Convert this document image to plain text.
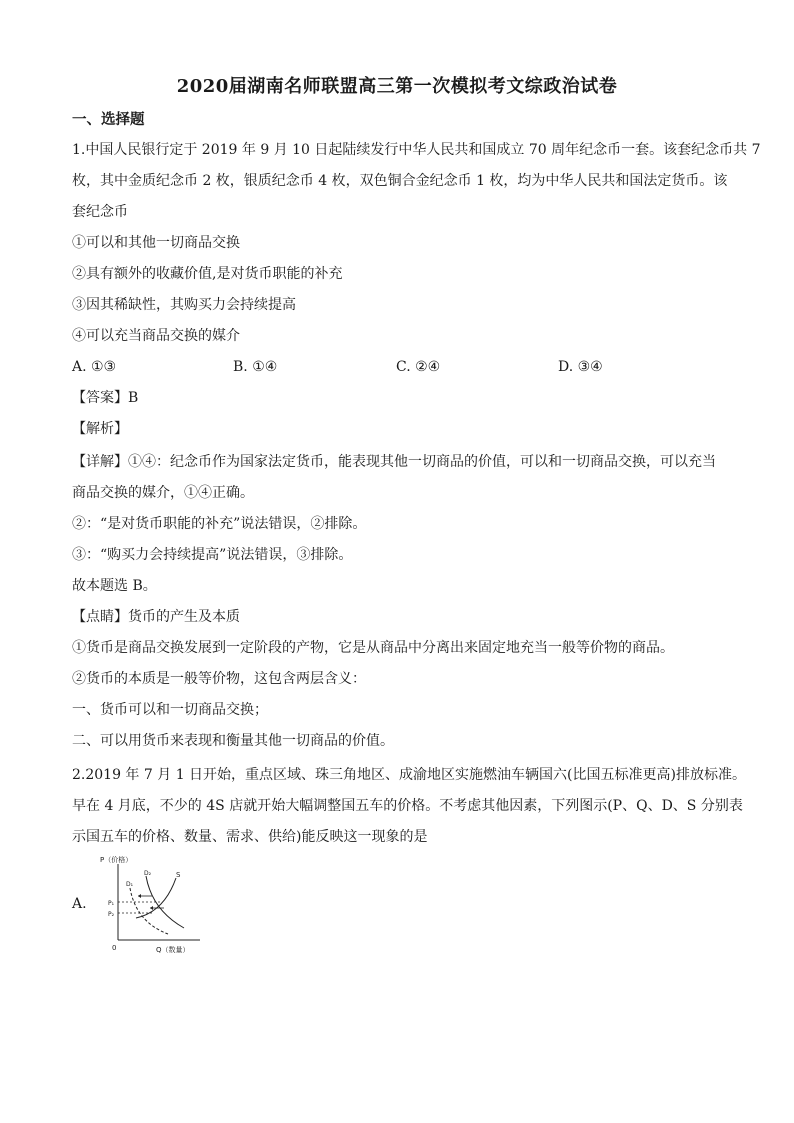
2020届湖南名师联盟高三第一次模拟考文综政治试卷
一、选择题
1.中国人民银行定于 2019 年 9 月 10 日起陆续发行中华人民共和国成立 70 周年纪念币一套。该套纪念币共 7
枚，其中金质纪念币 2 枚，银质纪念币 4 枚，双色铜合金纪念币 1 枚，均为中华人民共和国法定货币。该
套纪念币
①可以和其他一切商品交换
②具有额外的收藏价值,是对货币职能的补充
③因其稀缺性，其购买力会持续提高
④可以充当商品交换的媒介
A. ①③	B. ①④	C. ②④	D. ③④
【答案】B
【解析】
【详解】①④：纪念币作为国家法定货币，能表现其他一切商品的价值，可以和一切商品交换，可以充当
商品交换的媒介，①④正确。
②：“是对货币职能的补充”说法错误，②排除。
③：“购买力会持续提高”说法错误，③排除。
故本题选 B。
【点睛】货币的产生及本质
①货币是商品交换发展到一定阶段的产物，它是从商品中分离出来固定地充当一般等价物的商品。
②货币的本质是一般等价物，这包含两层含义：
一、货币可以和一切商品交换；
二、可以用货币来表现和衡量其他一切商品的价值。
2.2019 年 7 月 1 日开始，重点区域、珠三角地区、成渝地区实施燃油车辆国六(比国五标准更高)排放标准。
早在 4 月底，不少的 4S 店就开始大幅调整国五车的价格。不考虑其他因素，下列图示(P、Q、D、S 分别表
示国五车的价格、数量、需求、供给)能反映这一现象的是
A.
P（价格）
Q（数量）
0
P₁
P₂
D₁
D₂	S
